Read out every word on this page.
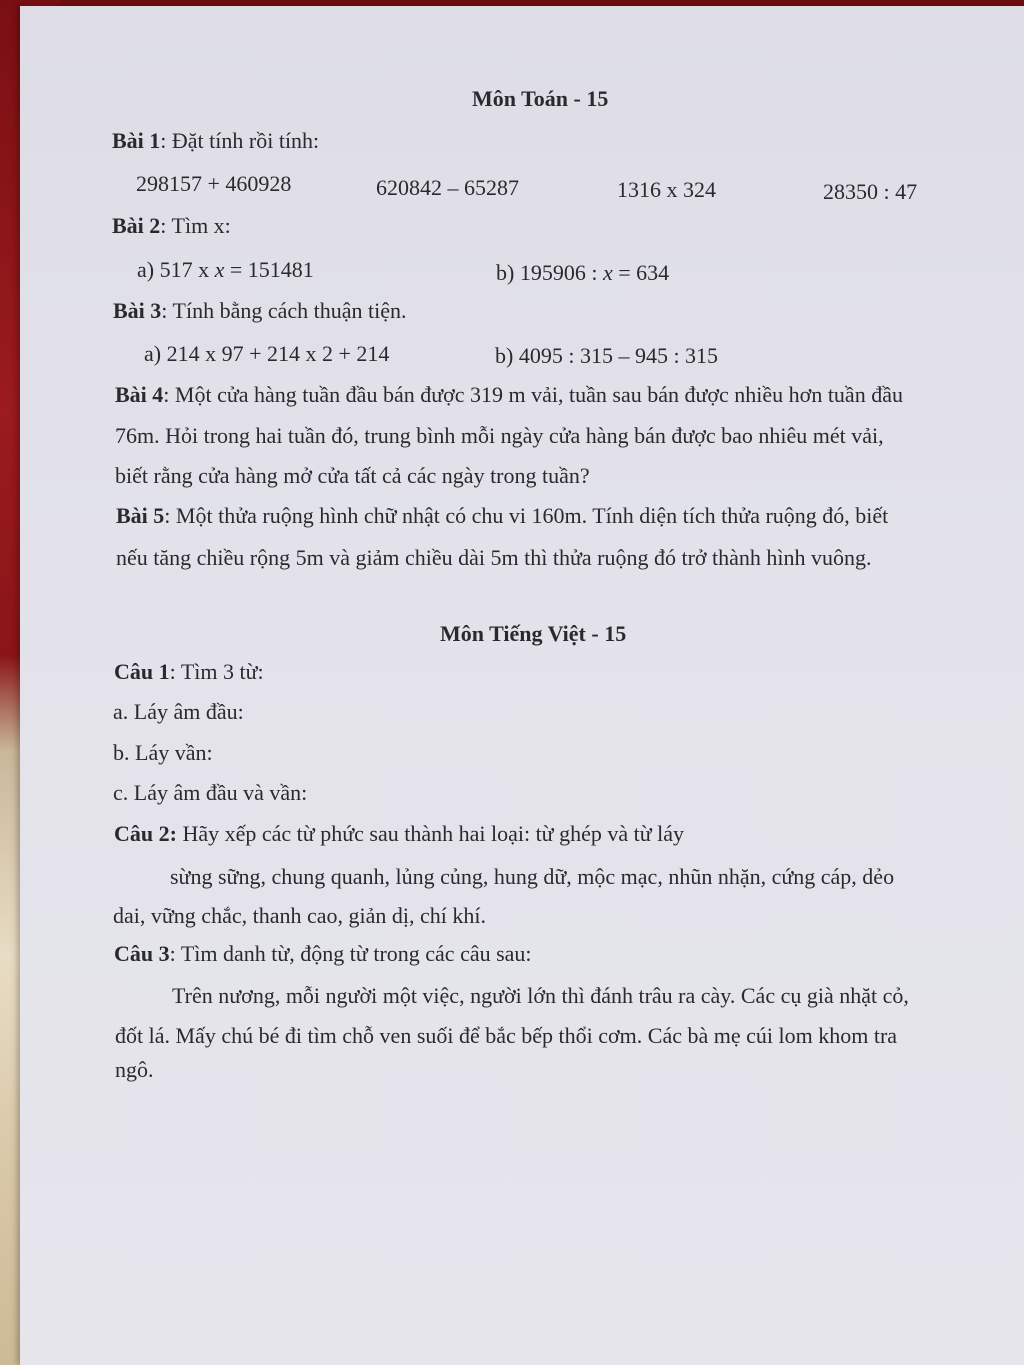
Môn Toán - 15
Bài 1: Đặt tính rồi tính:
298157 + 460928	620842 – 65287	1316 x 324	28350 : 47
Bài 2: Tìm x:
a) 517 x x = 151481	b) 195906 : x = 634
Bài 3: Tính bằng cách thuận tiện.
a) 214 x 97 + 214 x 2 + 214	b) 4095 : 315 – 945 : 315
Bài 4: Một cửa hàng tuần đầu bán được 319 m vải, tuần sau bán được nhiều hơn tuần đầu
76m. Hỏi trong hai tuần đó, trung bình mỗi ngày cửa hàng bán được bao nhiêu mét vải,
biết rằng cửa hàng mở cửa tất cả các ngày trong tuần?
Bài 5: Một thửa ruộng hình chữ nhật có chu vi 160m. Tính diện tích thửa ruộng đó, biết
nếu tăng chiều rộng 5m và giảm chiều dài 5m thì thửa ruộng đó trở thành hình vuông.
Môn Tiếng Việt - 15
Câu 1: Tìm 3 từ:
a. Láy âm đầu:
b. Láy vần:
c. Láy âm đầu và vần:
Câu 2: Hãy xếp các từ phức sau thành hai loại: từ ghép và từ láy
sừng sững, chung quanh, lủng củng, hung dữ, mộc mạc, nhũn nhặn, cứng cáp, dẻo
dai, vững chắc, thanh cao, giản dị, chí khí.
Câu 3: Tìm danh từ, động từ trong các câu sau:
Trên nương, mỗi người một việc, người lớn thì đánh trâu ra cày. Các cụ già nhặt cỏ,
đốt lá. Mấy chú bé đi tìm chỗ ven suối để bắc bếp thổi cơm. Các bà mẹ cúi lom khom tra
ngô.
